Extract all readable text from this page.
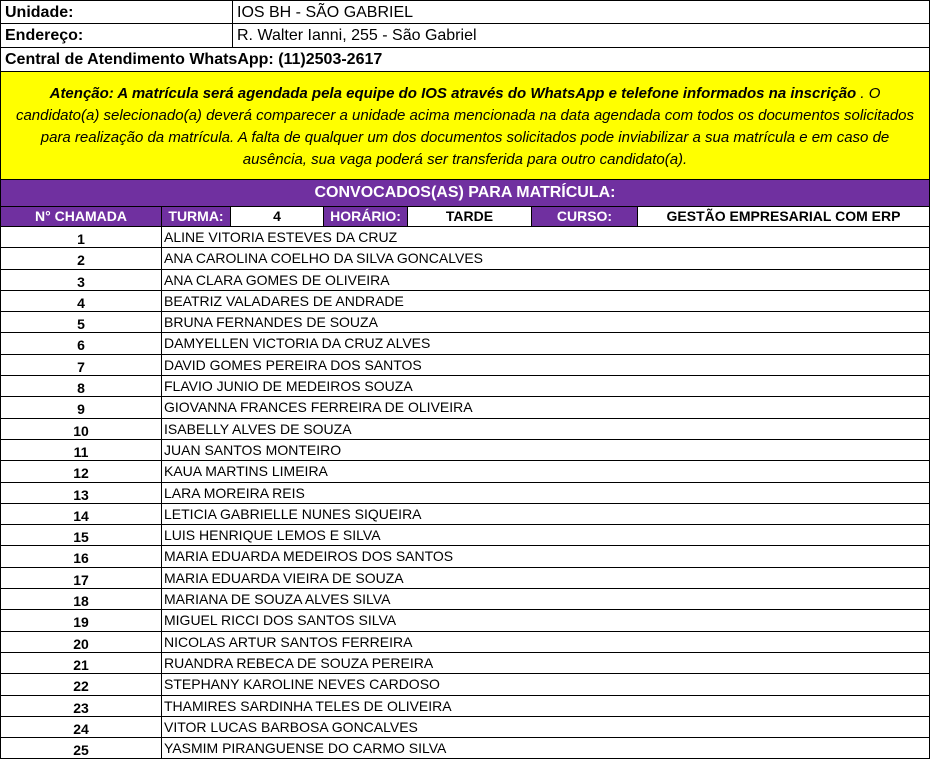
Unidade:	IOS BH - SÃO GABRIEL
Endereço:	R. Walter Ianni, 255 - São Gabriel
Central de Atendimento WhatsApp: (11)2503-2617
Atenção: A matrícula será agendada pela equipe do IOS através do WhatsApp e telefone informados na inscrição . O candidato(a) selecionado(a) deverá comparecer a unidade acima mencionada na data agendada com todos os documentos solicitados para realização da matrícula. A falta de qualquer um dos documentos solicitados pode inviabilizar a sua matrícula e em caso de ausência, sua vaga poderá ser transferida para outro candidato(a).
CONVOCADOS(AS) PARA MATRÍCULA:
N° CHAMADA	TURMA:	4	HORÁRIO:	TARDE	CURSO:	GESTÃO EMPRESARIAL COM ERP
1	ALINE VITORIA ESTEVES DA CRUZ
2	ANA CAROLINA COELHO DA SILVA GONCALVES
3	ANA CLARA GOMES DE OLIVEIRA
4	BEATRIZ VALADARES DE ANDRADE
5	BRUNA FERNANDES DE SOUZA
6	DAMYELLEN VICTORIA DA CRUZ ALVES
7	DAVID GOMES PEREIRA DOS SANTOS
8	FLAVIO JUNIO DE MEDEIROS SOUZA
9	GIOVANNA FRANCES FERREIRA DE OLIVEIRA
10	ISABELLY ALVES DE SOUZA
11	JUAN SANTOS MONTEIRO
12	KAUA MARTINS LIMEIRA
13	LARA MOREIRA REIS
14	LETICIA GABRIELLE NUNES SIQUEIRA
15	LUIS HENRIQUE LEMOS E SILVA
16	MARIA EDUARDA MEDEIROS DOS SANTOS
17	MARIA EDUARDA VIEIRA DE SOUZA
18	MARIANA DE SOUZA ALVES SILVA
19	MIGUEL RICCI DOS SANTOS SILVA
20	NICOLAS ARTUR SANTOS FERREIRA
21	RUANDRA REBECA DE SOUZA PEREIRA
22	STEPHANY KAROLINE NEVES CARDOSO
23	THAMIRES SARDINHA TELES DE OLIVEIRA
24	VITOR LUCAS BARBOSA GONCALVES
25	YASMIM PIRANGUENSE DO CARMO SILVA
